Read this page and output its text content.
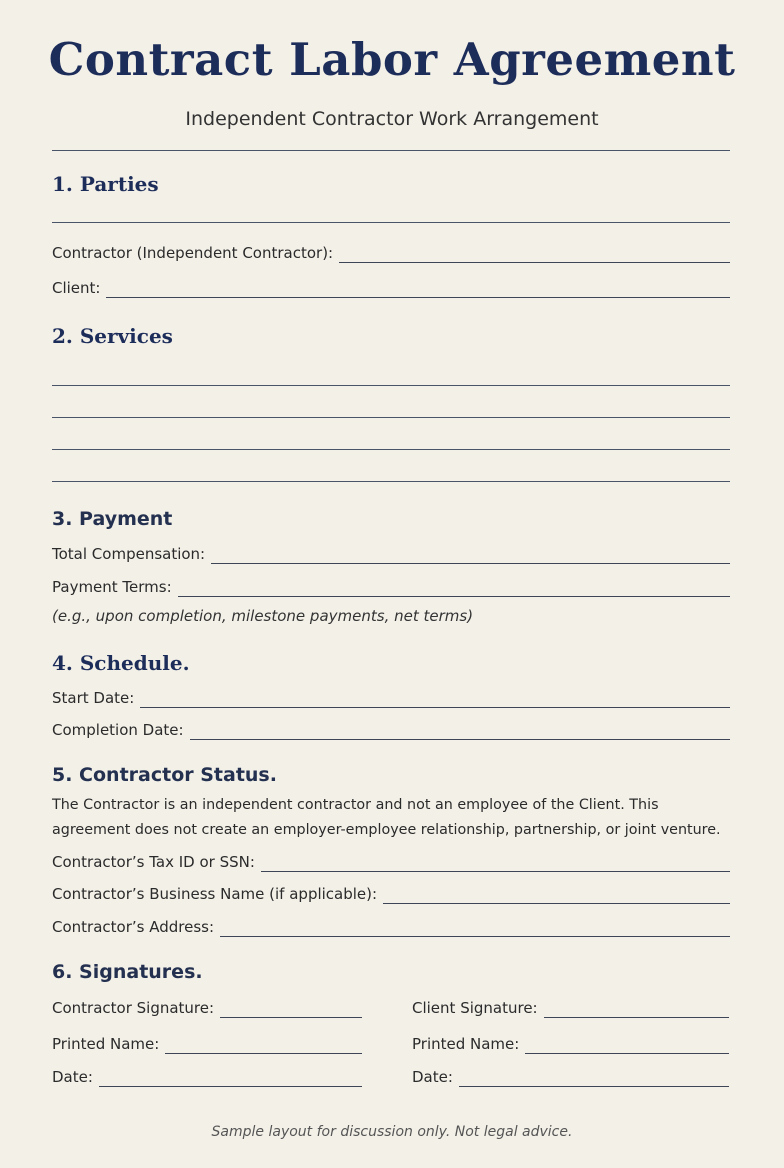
Contract Labor Agreement
Independent Contractor Work Arrangement
1. Parties
Contractor (Independent Contractor):
Client:
2. Services
3. Payment
Total Compensation:
Payment Terms:
(e.g., upon completion, milestone payments, net terms)
4. Schedule.
Start Date:
Completion Date:
5. Contractor Status.
The Contractor is an independent contractor and not an employee of the Client. This agreement does not create an employer-employee relationship, partnership, or joint venture.
Contractor’s Tax ID or SSN:
Contractor’s Business Name (if applicable):
Contractor’s Address:
6. Signatures.
Contractor Signature:
Printed Name:
Date:
Client Signature:
Printed Name:
Date:
Sample layout for discussion only. Not legal advice.
